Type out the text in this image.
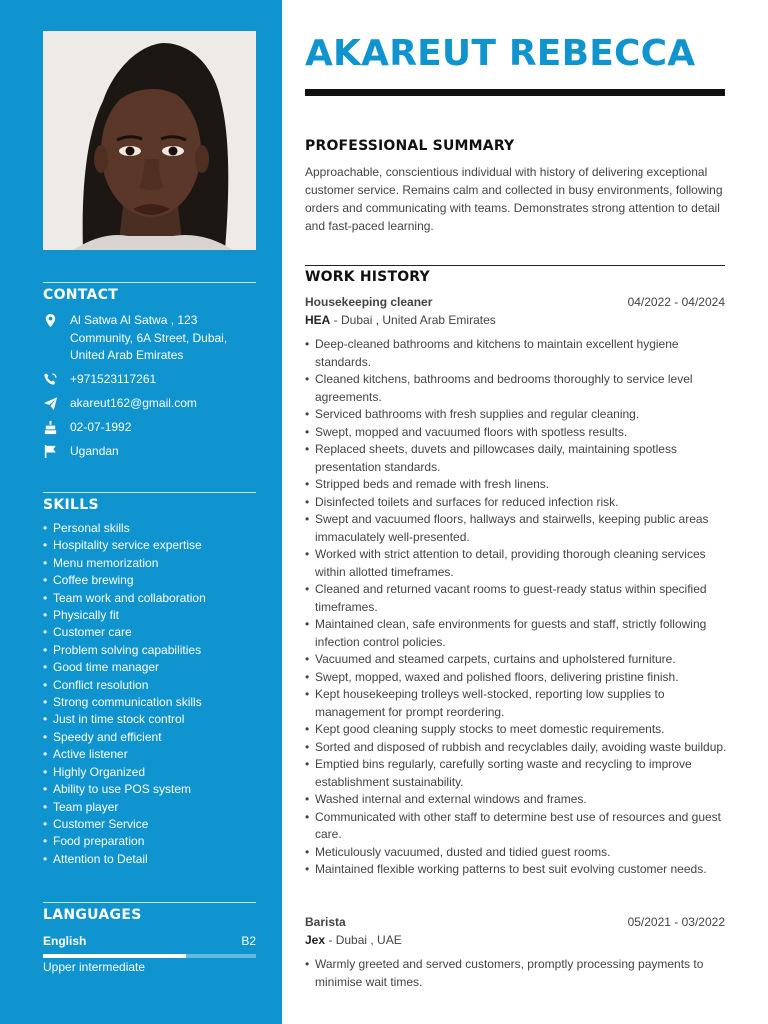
CONTACT
Al Satwa Al Satwa , 123 Community, 6A Street, Dubai, United Arab Emirates
+971523117261
akareut162@gmail.com
02-07-1992
Ugandan
SKILLS
• Personal skills
• Hospitality service expertise
• Menu memorization
• Coffee brewing
• Team work and collaboration
• Physically fit
• Customer care
• Problem solving capabilities
• Good time manager
• Conflict resolution
• Strong communication skills
• Just in time stock control
• Speedy and efficient
• Active listener
• Highly Organized
• Ability to use POS system
• Team player
• Customer Service
• Food preparation
• Attention to Detail
LANGUAGES
English	B2
Upper intermediate
AKAREUT REBECCA
PROFESSIONAL SUMMARY

Approachable, conscientious individual with history of delivering exceptional customer service. Remains calm and collected in busy environments, following orders and communicating with teams. Demonstrates strong attention to detail and fast-paced learning.

WORK HISTORY
Housekeeping cleaner	04/2022 - 04/2024
HEA - Dubai , United Arab Emirates
• Deep-cleaned bathrooms and kitchens to maintain excellent hygiene standards.
• Cleaned kitchens, bathrooms and bedrooms thoroughly to service level agreements.
• Serviced bathrooms with fresh supplies and regular cleaning.
• Swept, mopped and vacuumed floors with spotless results.
• Replaced sheets, duvets and pillowcases daily, maintaining spotless presentation standards.
• Stripped beds and remade with fresh linens.
• Disinfected toilets and surfaces for reduced infection risk.
• Swept and vacuumed floors, hallways and stairwells, keeping public areas immaculately well-presented.
• Worked with strict attention to detail, providing thorough cleaning services within allotted timeframes.
• Cleaned and returned vacant rooms to guest-ready status within specified timeframes.
• Maintained clean, safe environments for guests and staff, strictly following infection control policies.
• Vacuumed and steamed carpets, curtains and upholstered furniture.
• Swept, mopped, waxed and polished floors, delivering pristine finish.
• Kept housekeeping trolleys well-stocked, reporting low supplies to management for prompt reordering.
• Kept good cleaning supply stocks to meet domestic requirements.
• Sorted and disposed of rubbish and recyclables daily, avoiding waste buildup.
• Emptied bins regularly, carefully sorting waste and recycling to improve establishment sustainability.
• Washed internal and external windows and frames.
• Communicated with other staff to determine best use of resources and guest care.
• Meticulously vacuumed, dusted and tidied guest rooms.
• Maintained flexible working patterns to best suit evolving customer needs.
Barista	05/2021 - 03/2022
Jex - Dubai , UAE
• Warmly greeted and served customers, promptly processing payments to minimise wait times.
